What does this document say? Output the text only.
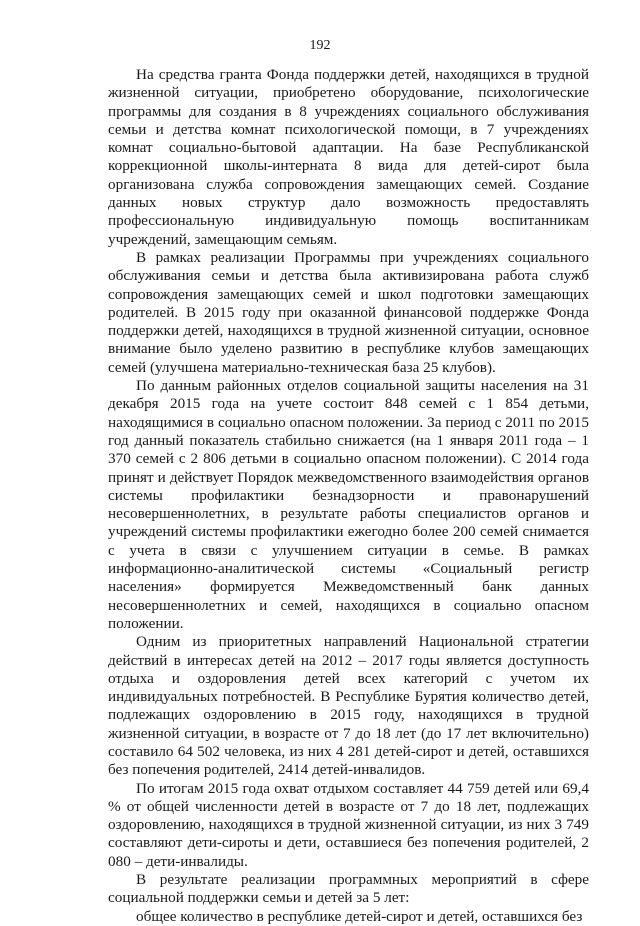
192

На средства гранта Фонда поддержки детей, находящихся в трудной жизненной ситуации, приобретено оборудование, психологические программы для создания в 8 учреждениях социального обслуживания семьи и детства комнат психологической помощи, в 7 учреждениях комнат социально-бытовой адаптации. На базе Республиканской коррекционной школы-интерната 8 вида для детей-сирот была организована служба сопровождения замещающих семей. Создание данных новых структур дало возможность предоставлять профессиональную индивидуальную помощь воспитанникам учреждений, замещающим семьям.

В рамках реализации Программы при учреждениях социального обслуживания семьи и детства была активизирована работа служб сопровождения замещающих семей и школ подготовки замещающих родителей. В 2015 году при оказанной финансовой поддержке Фонда поддержки детей, находящихся в трудной жизненной ситуации, основное внимание было уделено развитию в республике клубов замещающих семей (улучшена материально-техническая база 25 клубов).

По данным районных отделов социальной защиты населения на 31 декабря 2015 года на учете состоит 848 семей с 1 854 детьми, находящимися в социально опасном положении. За период с 2011 по 2015 год данный показатель стабильно снижается (на 1 января 2011 года – 1 370 семей с 2 806 детьми в социально опасном положении). С 2014 года принят и действует Порядок межведомственного взаимодействия органов системы профилактики безнадзорности и правонарушений несовершеннолетних, в результате работы специалистов органов и учреждений системы профилактики ежегодно более 200 семей снимается с учета в связи с улучшением ситуации в семье. В рамках информационно-аналитической системы «Социальный регистр населения» формируется Межведомственный банк данных несовершеннолетних и семей, находящихся в социально опасном положении.

Одним из приоритетных направлений Национальной стратегии действий в интересах детей на 2012 – 2017 годы является доступность отдыха и оздоровления детей всех категорий с учетом их индивидуальных потребностей. В Республике Бурятия количество детей, подлежащих оздоровлению в 2015 году, находящихся в трудной жизненной ситуации, в возрасте от 7 до 18 лет (до 17 лет включительно) составило 64 502 человека, из них 4 281 детей-сирот и детей, оставшихся без попечения родителей, 2414 детей-инвалидов.

По итогам 2015 года охват отдыхом составляет 44 759 детей или 69,4 % от общей численности детей в возрасте от 7 до 18 лет, подлежащих оздоровлению, находящихся в трудной жизненной ситуации, из них 3 749 составляют дети-сироты и дети, оставшиеся без попечения родителей, 2 080 – дети-инвалиды.

В результате реализации программных мероприятий в сфере социальной поддержки семьи и детей за 5 лет:

общее количество в республике детей-сирот и детей, оставшихся без
